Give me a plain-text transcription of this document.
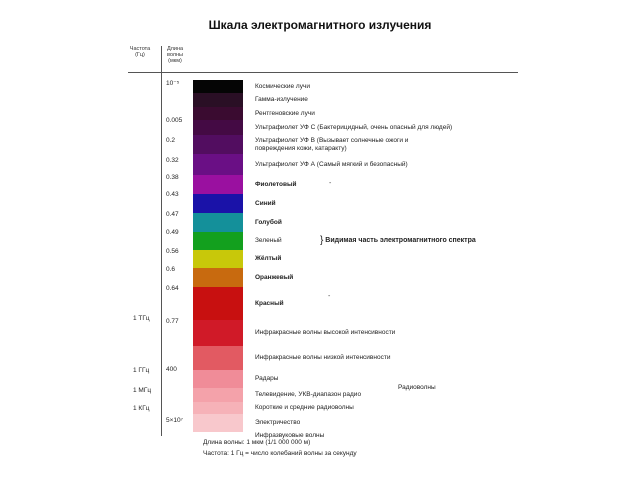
Шкала электромагнитного излучения
Частота (Гц)
Длина волны (мкм)
10⁻⁵
0.005
0.2
0.32
0.38
0.43
0.47
0.49
0.56
0.6
0.64
0.77
400
5×10⁷
1 ТГц
1 ГГц
1 МГц
1 КГц
Космические лучи
Гамма-излучение
Рентгеновские лучи
Ультрафиолет УФ С (Бактерицидный, очень опасный для людей)
Ультрафиолет УФ В (Вызывает солнечные ожоги и повреждения кожи, катаракту)
Ультрафиолет УФ А (Самый мягкий и безопасный)
Фиолетовый
Синий
Голубой
Зеленый
Жёлтый
Оранжевый
Красный
Инфракрасные волны высокой интенсивности
Инфракрасные волны низкой интенсивности
Радары
Телевидение, УКВ-диапазон радио
Короткие и средние радиоволны
Электричество
Инфразвуковые волны
Радиоволны
-
-
} Видимая часть электромагнитного спектра
Длина волны: 1 мкм (1/1 000 000 м)
Частота: 1 Гц = число колебаний волны за секунду
